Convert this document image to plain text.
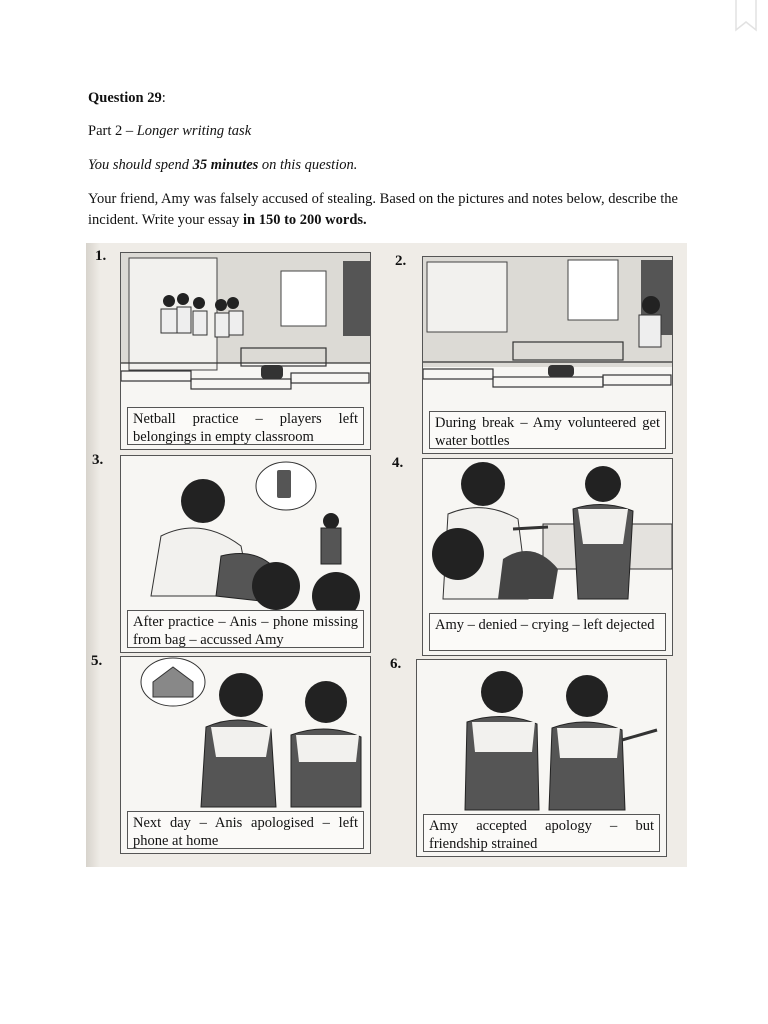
Question 29:

Part 2 – Longer writing task

You should spend 35 minutes on this question.

Your friend, Amy was falsely accused of stealing. Based on the pictures and notes below, describe the incident. Write your essay in 150 to 200 words.

1.
Netball practice – players left belongings in empty classroom
2.
During break – Amy volunteered get water bottles
3.
After practice – Anis – phone missing from bag – accussed Amy
4.
Amy – denied – crying – left dejected
5.
Next day – Anis apologised – left phone at home
6.
Amy accepted apology – but friendship strained
